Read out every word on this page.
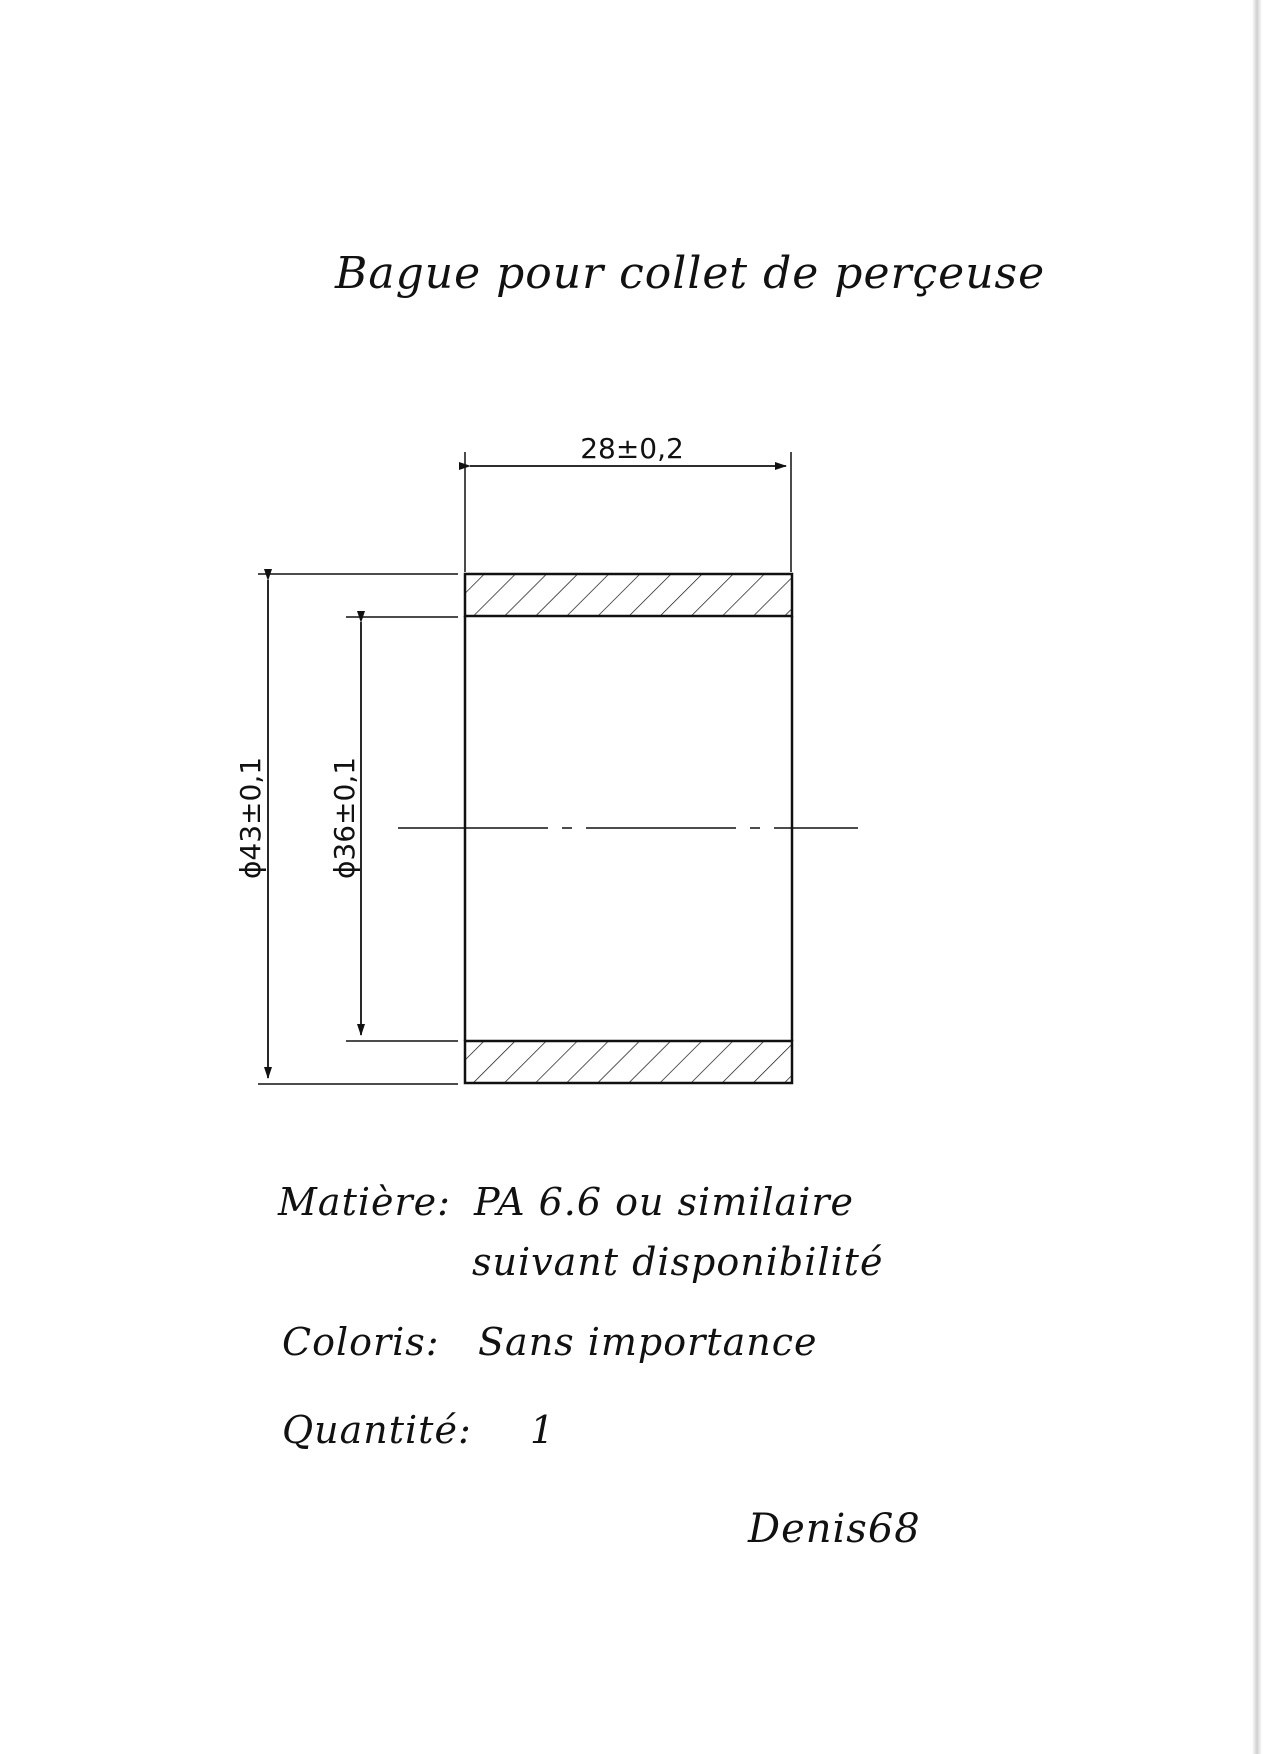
Bague pour collet de perçeuse
28±0,2
ϕ43±0,1 ϕ36±0,1
Matière: PA 6.6 ou similaire
suivant disponibilité
Coloris: Sans importance
Quantité: 1
Denis68
